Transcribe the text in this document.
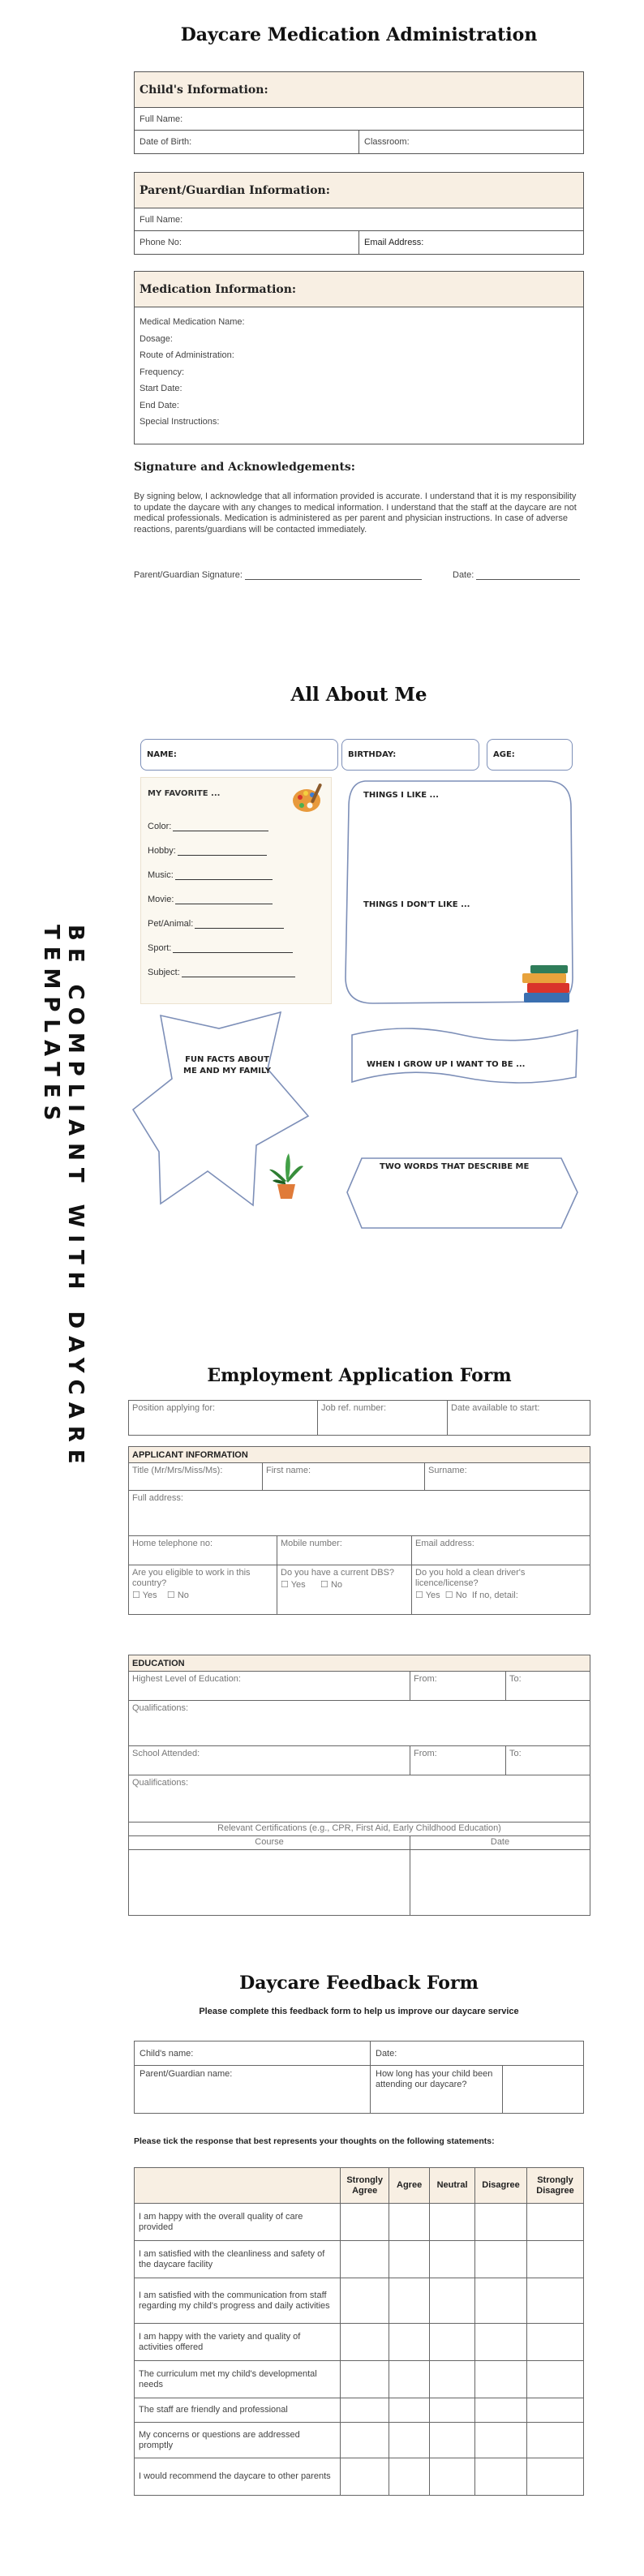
BE COMPLIANT WITH DAYCARE TEMPLATES
Daycare Medication Administration
Child's Information:
Full Name:
Date of Birth:	Classroom:
Parent/Guardian Information:
Full Name:
Phone No:	Email Address:
Medication Information:
Medical Medication Name:
Dosage:
Route of Administration:
Frequency:
Start Date:
End Date:
Special Instructions:
Signature and Acknowledgements:
By signing below, I acknowledge that all information provided is accurate. I understand that it is my responsibility to update the daycare with any changes to medical information. I understand that the staff at the daycare are not medical professionals. Medication is administered as per parent and physician instructions. In case of adverse reactions, parents/guardians will be contacted immediately.
Parent/Guardian Signature:	Date:
All About Me
NAME:	BIRTHDAY:	AGE:
MY FAVORITE ...
Color:
Hobby:
Music:
Movie:
Pet/Animal:
Sport:
Subject:
THINGS I LIKE ...
THINGS I DON'T LIKE ...
FUN FACTS ABOUT ME AND MY FAMILY
WHEN I GROW UP I WANT TO BE ...
TWO WORDS THAT DESCRIBE ME
Employment Application Form
Position applying for:	Job ref. number:	Date available to start:
APPLICANT INFORMATION
Title (Mr/Mrs/Miss/Ms):	First name:	Surname:
Full address:
Home telephone no:	Mobile number:	Email address:
Are you eligible to work in this country?
☐ Yes ☐ No
Do you have a current DBS?
☐ Yes ☐ No
Do you hold a clean driver's licence/license?
☐ Yes ☐ No If no, detail:
EDUCATION
Highest Level of Education:	From:	To:
Qualifications:
School Attended:	From:	To:
Qualifications:
Relevant Certifications (e.g., CPR, First Aid, Early Childhood Education)
Course	Date
Daycare Feedback Form
Please complete this feedback form to help us improve our daycare service
Child's name:	Date:
Parent/Guardian name:	How long has your child been attending our daycare?
Please tick the response that best represents your thoughts on the following statements:
	Strongly Agree	Agree	Neutral	Disagree	Strongly Disagree
I am happy with the overall quality of care provided					
I am satisfied with the cleanliness and safety of the daycare facility					
I am satisfied with the communication from staff regarding my child's progress and daily activities					
I am happy with the variety and quality of activities offered					
The curriculum met my child's developmental needs					
The staff are friendly and professional					
My concerns or questions are addressed promptly					
I would recommend the daycare to other parents					
